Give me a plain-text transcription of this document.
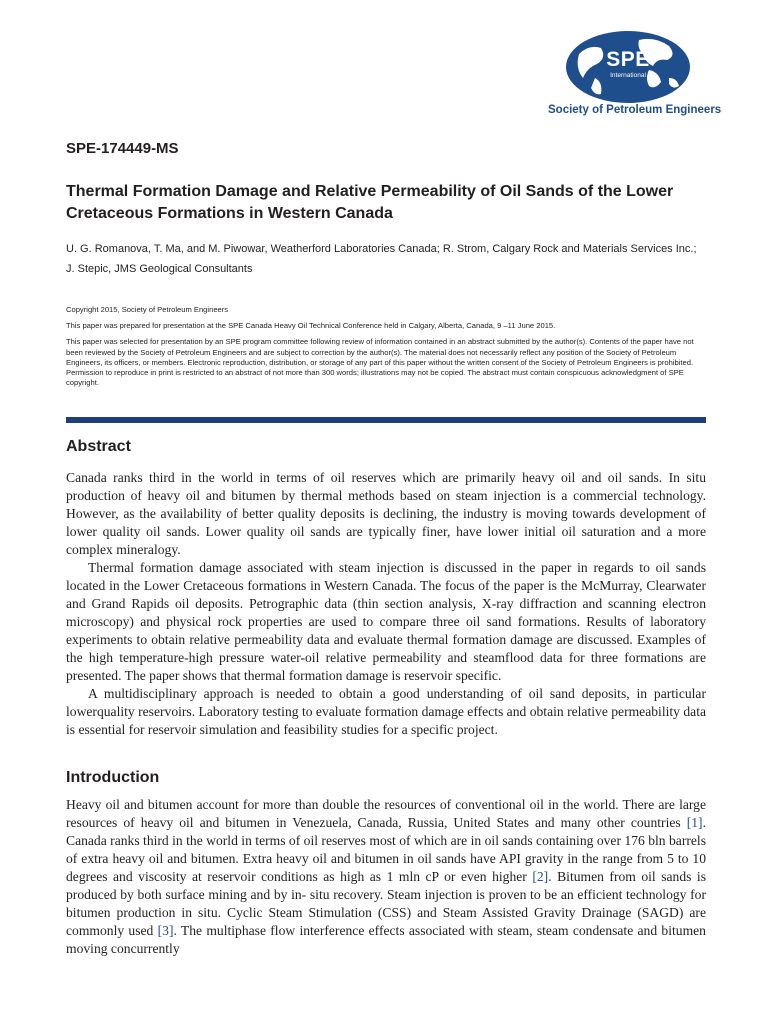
SPE
International
Society of Petroleum Engineers
SPE-174449-MS
Thermal Formation Damage and Relative Permeability of Oil Sands of the Lower Cretaceous Formations in Western Canada
U. G. Romanova, T. Ma, and M. Piwowar, Weatherford Laboratories Canada; R. Strom, Calgary Rock and Materials Services Inc.; J. Stepic, JMS Geological Consultants

Copyright 2015, Society of Petroleum Engineers

This paper was prepared for presentation at the SPE Canada Heavy Oil Technical Conference held in Calgary, Alberta, Canada, 9 –11 June 2015.

This paper was selected for presentation by an SPE program committee following review of information contained in an abstract submitted by the author(s). Contents of the paper have not been reviewed by the Society of Petroleum Engineers and are subject to correction by the author(s). The material does not necessarily reflect any position of the Society of Petroleum Engineers, its officers, or members. Electronic reproduction, distribution, or storage of any part of this paper without the written consent of the Society of Petroleum Engineers is prohibited. Permission to reproduce in print is restricted to an abstract of not more than 300 words; illustrations may not be copied. The abstract must contain conspicuous acknowledgment of SPE copyright.

Abstract

Canada ranks third in the world in terms of oil reserves which are primarily heavy oil and oil sands. In situ production of heavy oil and bitumen by thermal methods based on steam injection is a commercial technology. However, as the availability of better quality deposits is declining, the industry is moving towards development of lower quality oil sands. Lower quality oil sands are typically finer, have lower initial oil saturation and a more complex mineralogy.

Thermal formation damage associated with steam injection is discussed in the paper in regards to oil sands located in the Lower Cretaceous formations in Western Canada. The focus of the paper is the McMurray, Clearwater and Grand Rapids oil deposits. Petrographic data (thin section analysis, X-ray diffraction and scanning electron microscopy) and physical rock properties are used to compare three oil sand formations. Results of laboratory experiments to obtain relative permeability data and evaluate thermal formation damage are discussed. Examples of the high temperature-high pressure water-oil relative permeability and steamflood data for three formations are presented. The paper shows that thermal formation damage is reservoir specific.

A multidisciplinary approach is needed to obtain a good understanding of oil sand deposits, in particular lowerquality reservoirs. Laboratory testing to evaluate formation damage effects and obtain relative permeability data is essential for reservoir simulation and feasibility studies for a specific project.

Introduction

Heavy oil and bitumen account for more than double the resources of conventional oil in the world. There are large resources of heavy oil and bitumen in Venezuela, Canada, Russia, United States and many other countries [1]. Canada ranks third in the world in terms of oil reserves most of which are in oil sands containing over 176 bln barrels of extra heavy oil and bitumen. Extra heavy oil and bitumen in oil sands have API gravity in the range from 5 to 10 degrees and viscosity at reservoir conditions as high as 1 mln cP or even higher [2]. Bitumen from oil sands is produced by both surface mining and by in- situ recovery. Steam injection is proven to be an efficient technology for bitumen production in situ. Cyclic Steam Stimulation (CSS) and Steam Assisted Gravity Drainage (SAGD) are commonly used [3]. The multiphase flow interference effects associated with steam, steam condensate and bitumen moving concurrently
